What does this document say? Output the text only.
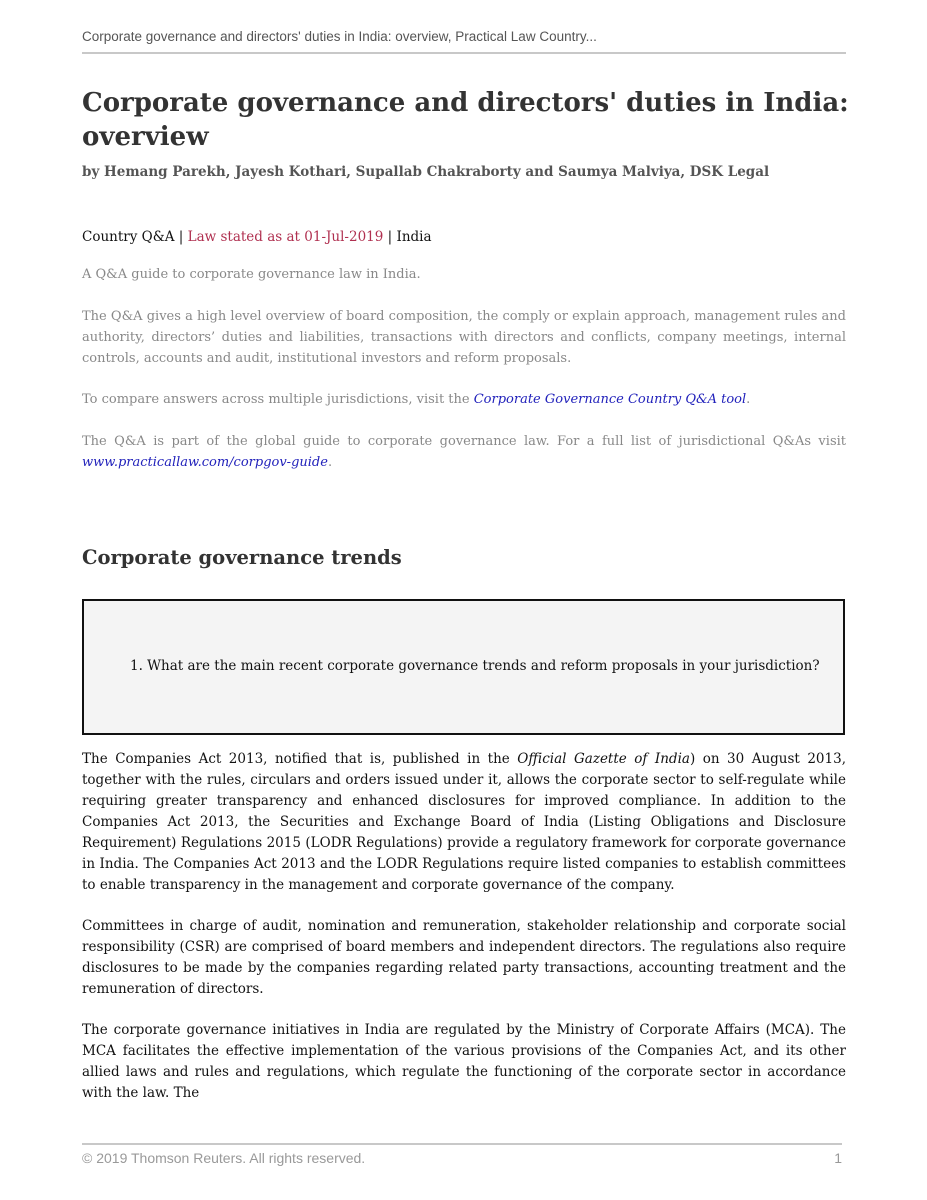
Corporate governance and directors' duties in India: overview, Practical Law Country...
Corporate governance and directors' duties in India: overview
by Hemang Parekh, Jayesh Kothari, Supallab Chakraborty and Saumya Malviya, DSK Legal
Country Q&A | Law stated as at 01-Jul-2019 | India

A Q&A guide to corporate governance law in India.

The Q&A gives a high level overview of board composition, the comply or explain approach, management rules and authority, directors’ duties and liabilities, transactions with directors and conflicts, company meetings, internal controls, accounts and audit, institutional investors and reform proposals.

To compare answers across multiple jurisdictions, visit the Corporate Governance Country Q&A tool.

The Q&A is part of the global guide to corporate governance law. For a full list of jurisdictional Q&As visit www.practicallaw.com/corpgov-guide.

Corporate governance trends
1. What are the main recent corporate governance trends and reform proposals in your jurisdiction?

The Companies Act 2013, notified that is, published in the Official Gazette of India) on 30 August 2013, together with the rules, circulars and orders issued under it, allows the corporate sector to self-regulate while requiring greater transparency and enhanced disclosures for improved compliance. In addition to the Companies Act 2013, the Securities and Exchange Board of India (Listing Obligations and Disclosure Requirement) Regulations 2015 (LODR Regulations) provide a regulatory framework for corporate governance in India. The Companies Act 2013 and the LODR Regulations require listed companies to establish committees to enable transparency in the management and corporate governance of the company.

Committees in charge of audit, nomination and remuneration, stakeholder relationship and corporate social responsibility (CSR) are comprised of board members and independent directors. The regulations also require disclosures to be made by the companies regarding related party transactions, accounting treatment and the remuneration of directors.

The corporate governance initiatives in India are regulated by the Ministry of Corporate Affairs (MCA). The MCA facilitates the effective implementation of the various provisions of the Companies Act, and its other allied laws and rules and regulations, which regulate the functioning of the corporate sector in accordance with the law. The

© 2019 Thomson Reuters. All rights reserved.	1
